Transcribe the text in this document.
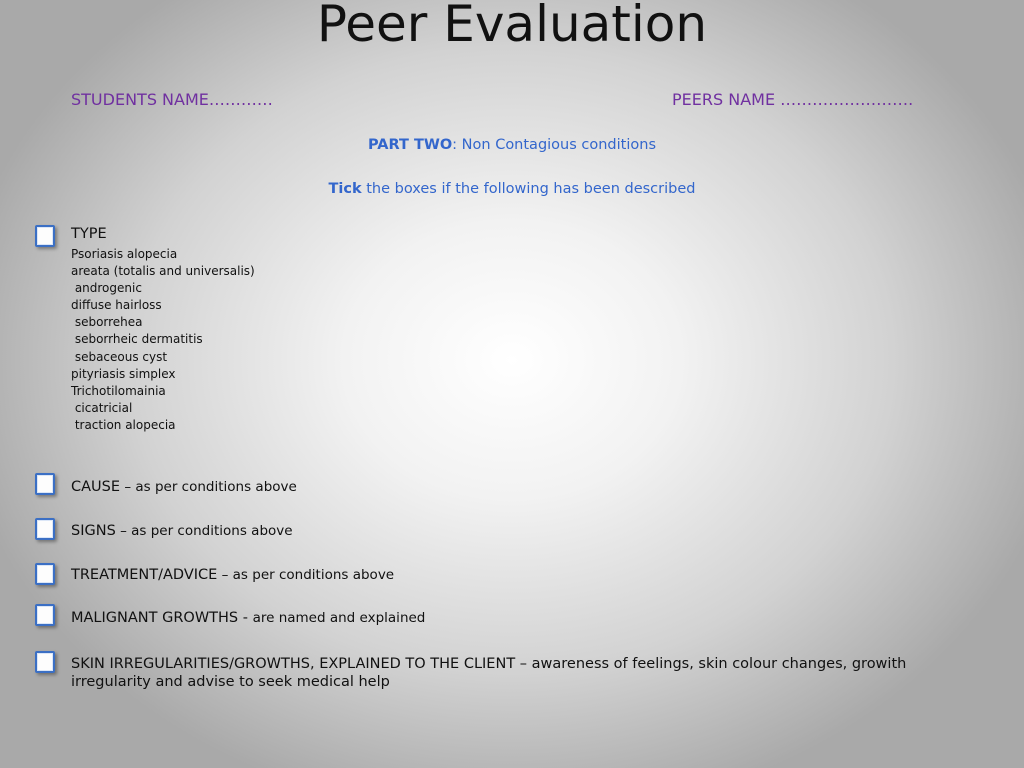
Peer Evaluation
STUDENTS NAME…………	PEERS NAME …………………….
PART TWO: Non Contagious conditions
Tick the boxes if the following has been described
TYPE
Psoriasis alopecia
areata (totalis and universalis)
androgenic
diffuse hairloss
seborrehea
seborrheic dermatitis
sebaceous cyst
pityriasis simplex
Trichotilomainia
cicatricial
traction alopecia
CAUSE – as per conditions above
SIGNS – as per conditions above
TREATMENT/ADVICE – as per conditions above
MALIGNANT GROWTHS - are named and explained
SKIN IRREGULARITIES/GROWTHS, EXPLAINED TO THE CLIENT – awareness of feelings, skin colour changes, growith irregularity and advise to seek medical help
